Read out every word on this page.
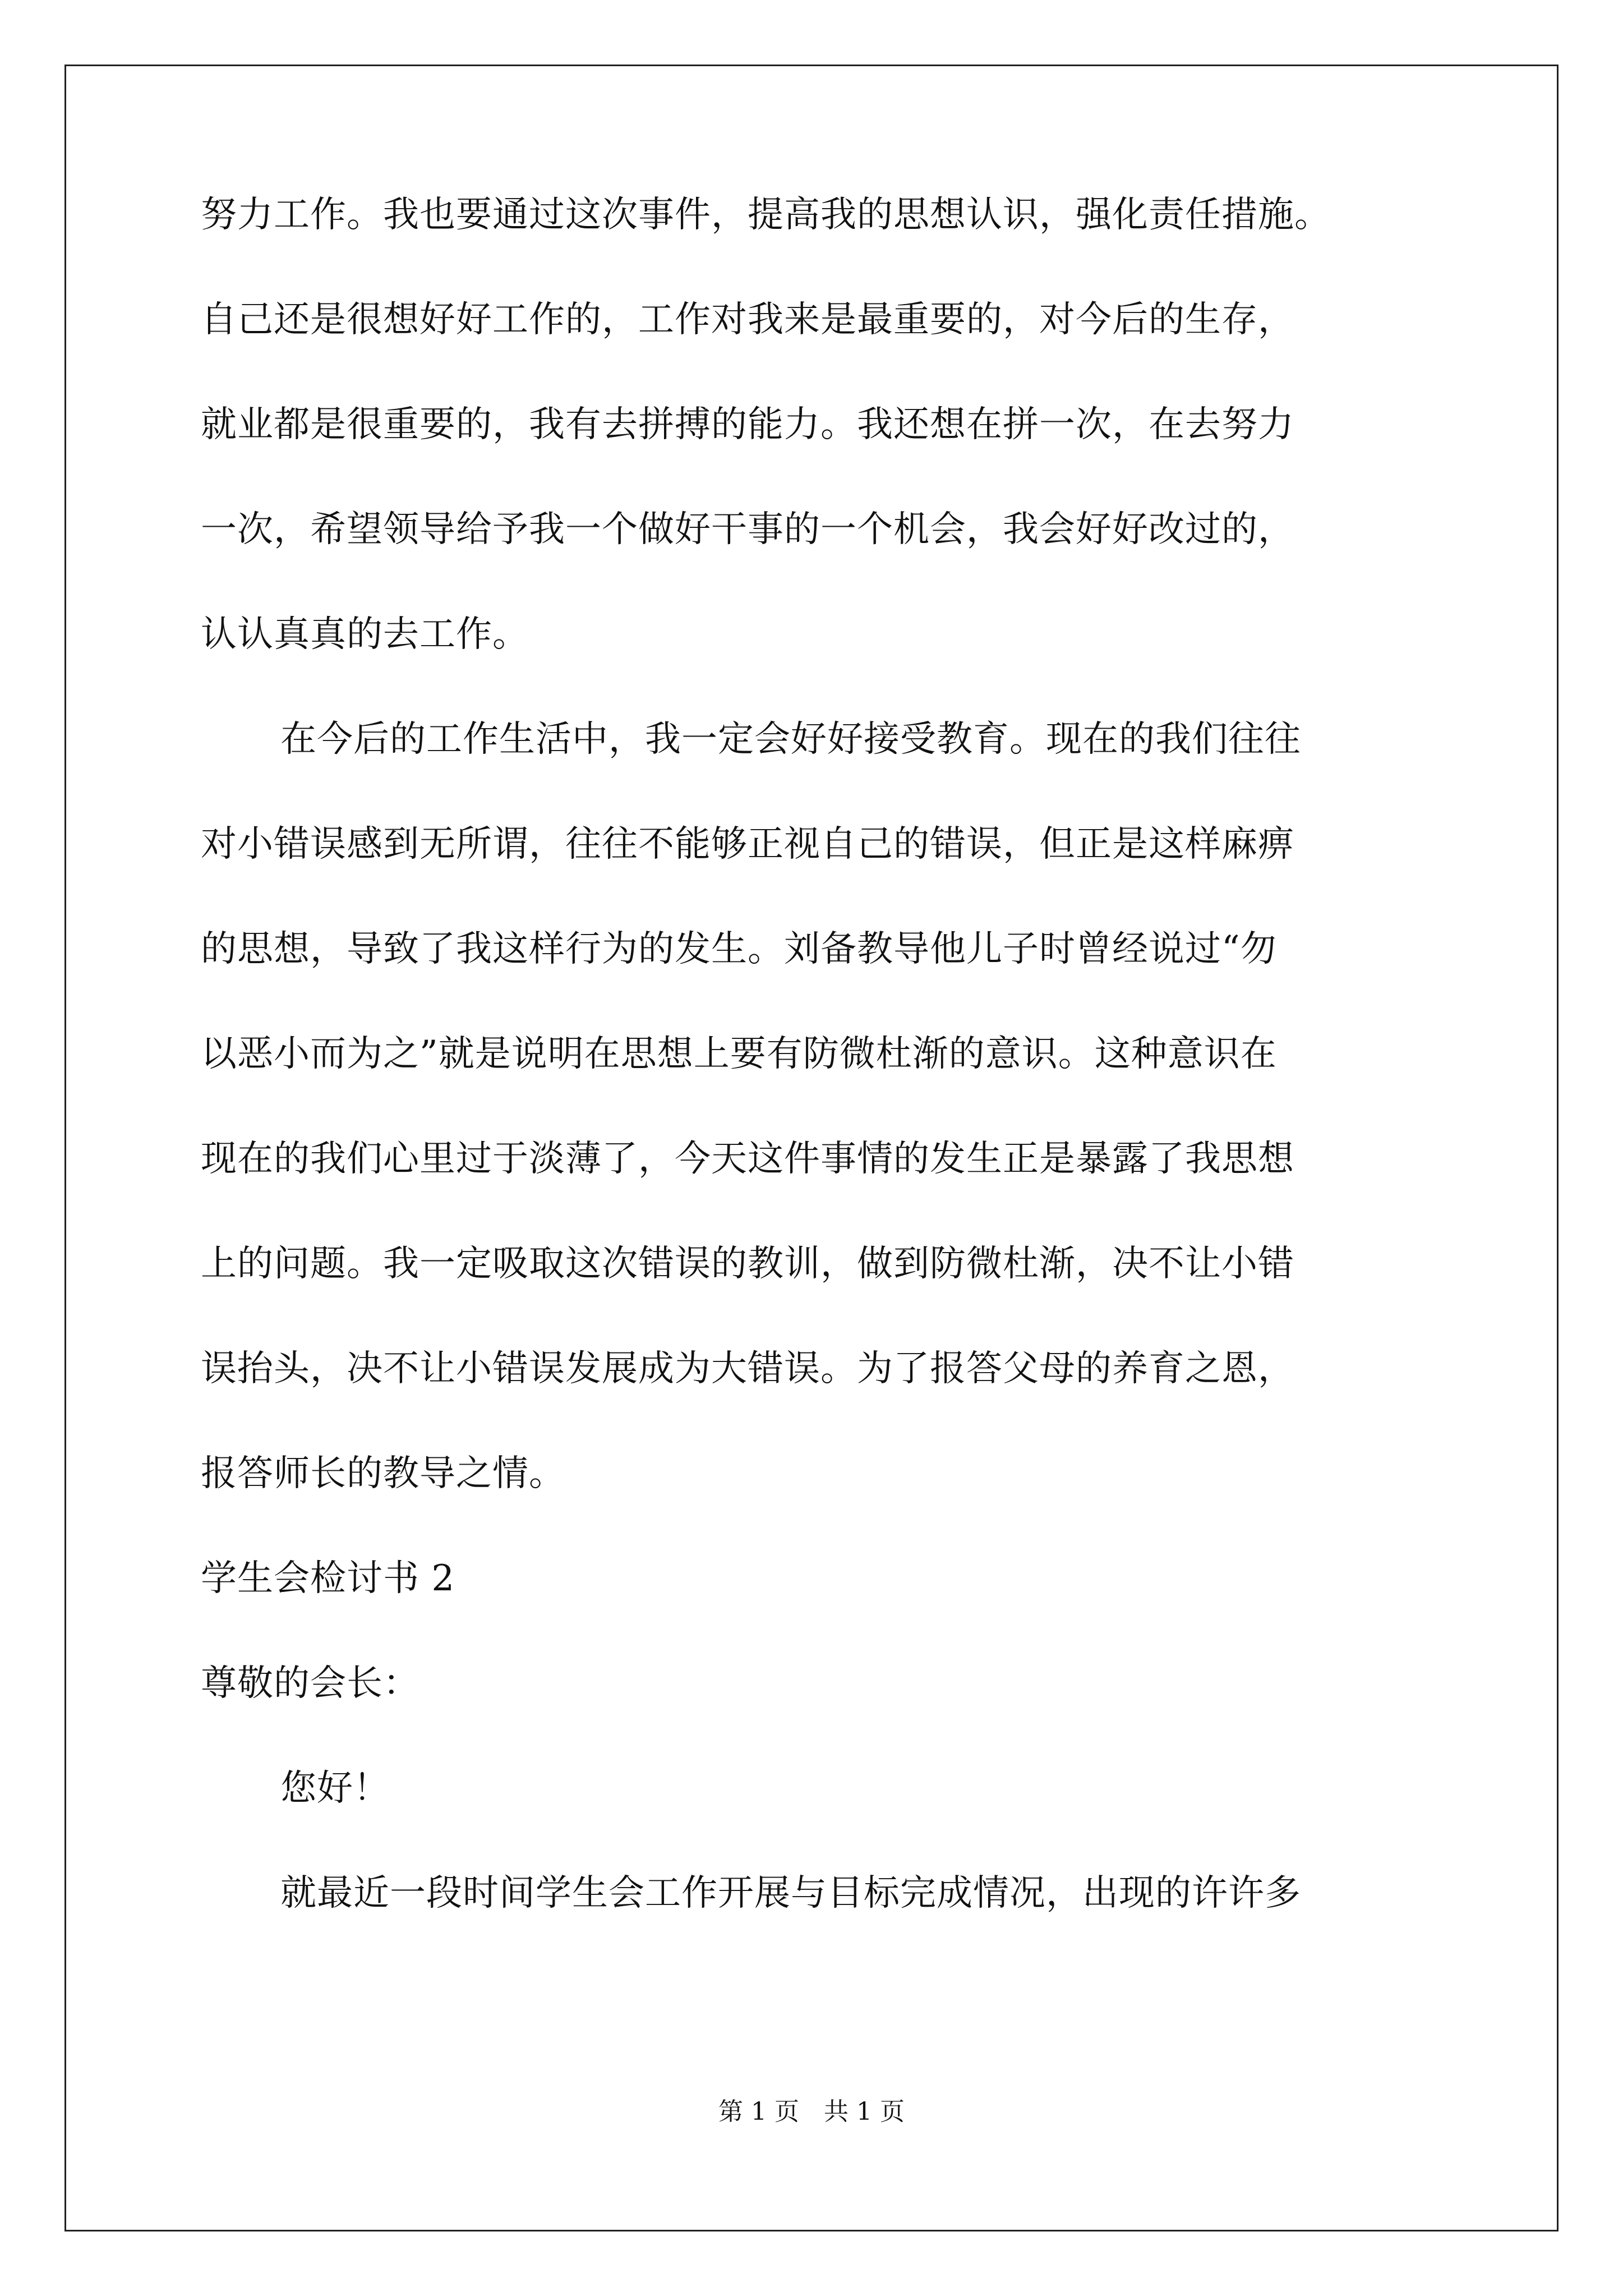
努力工作。我也要通过这次事件，提高我的思想认识，强化责任措施。
自己还是很想好好工作的，工作对我来是最重要的，对今后的生存，
就业都是很重要的，我有去拼搏的能力。我还想在拼一次，在去努力
一次，希望领导给予我一个做好干事的一个机会，我会好好改过的，
认认真真的去工作。
在今后的工作生活中，我一定会好好接受教育。现在的我们往往
对小错误感到无所谓，往往不能够正视自己的错误，但正是这样麻痹
的思想，导致了我这样行为的发生。刘备教导他儿子时曾经说过“勿
以恶小而为之”就是说明在思想上要有防微杜渐的意识。这种意识在
现在的我们心里过于淡薄了，今天这件事情的发生正是暴露了我思想
上的问题。我一定吸取这次错误的教训，做到防微杜渐，决不让小错
误抬头，决不让小错误发展成为大错误。为了报答父母的养育之恩，
报答师长的教导之情。
学生会检讨书 2
尊敬的会长：
您好！
就最近一段时间学生会工作开展与目标完成情况，出现的许许多
第 1 页　共 1 页
